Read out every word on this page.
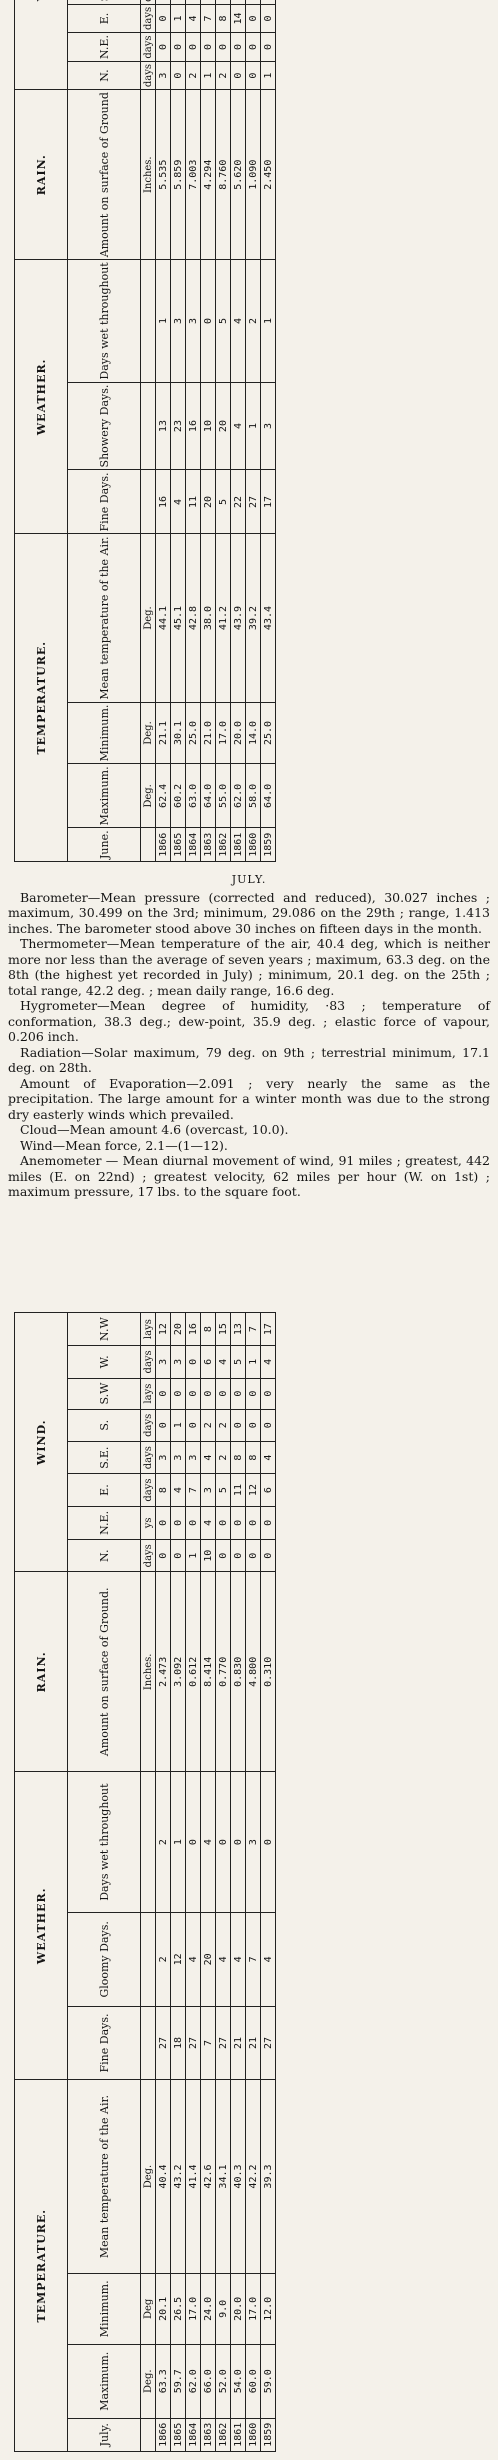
TEMPERATURE.				WEATHER.			RAIN.	
June.	Maximum.	Minimum.	Mean temperature of the Air.	Fine Days.	Showery Days.	Days wet throughout	Amount on surface of Ground	N.	N.E.	E.					
	Deg.	Deg.	Deg.				Inches.	days	days	days					
1866	62.4	21.1	44.1	16	13	1	5.535	3	0	0					
1865	60.2	30.1	45.1	4	23	3	5.859	0	0	1					
1864	63.0	25.0	42.8	11	16	3	7.003	2	0	4					
1863	64.0	21.0	38.0	20	10	0	4.294	1	0	7					
1862	55.0	17.0	41.2	5	20	5	8.760	2	0	8					
1861	62.0	20.0	43.9	22	4	4	5.620	0	0	14					
1860	58.0	14.0	39.2	27	1	2	1.090	0	0	0					
1859	64.0	25.0	43.4	17	3	1	2.450	1	0	0					

JULY.

Barometer—Mean pressure (corrected and reduced), 30.027 inches ; maximum, 30.499 on the 3rd; minimum, 29.086 on the 29th ; range, 1.413 inches. The barometer stood above 30 inches on fifteen days in the month.

Thermometer—Mean temperature of the air, 40.4 deg, which is neither more nor less than the average of seven years ; maximum, 63.3 deg. on the 8th (the highest yet recorded in July) ; minimum, 20.1 deg. on the 25th ; total range, 42.2 deg. ; mean daily range, 16.6 deg.

Hygrometer—Mean degree of humidity, ·83 ; temperature of conformation, 38.3 deg.; dew-point, 35.9 deg. ; elastic force of vapour, 0.206 inch.

Radiation—Solar maximum, 79 deg. on 9th ; terrestrial minimum, 17.1 deg. on 28th.

Amount of Evaporation—2.091 ; very nearly the same as the precipitation. The large amount for a winter month was due to the strong dry easterly winds which prevailed.

Cloud—Mean amount 4.6 (overcast, 10.0).

Wind—Mean force, 2.1—(1—12).

Anemometer — Mean diurnal movement of wind, 91 miles ; greatest, 442 miles (E. on 22nd) ; greatest velocity, 62 miles per hour (W. on 1st) ; maximum pressure, 17 lbs. to the square foot.

TEMPERATURE.				WEATHER.			RAIN.	WIND.							
July.	Maximum.	Minimum.	Mean temperature of the Air.	Fine Days.	Gloomy Days.	Days wet throughout	Amount on surface of Ground.	N.	N.E.	E.	S.E.	S.	S.W	W.	N.W
	Deg.	Deg	Deg.				Inches.	days	ys	days	days	days	lays	days	lays
1866	63.3	20.1	40.4	27	2	2	2.473	0	0	8	3	0	0	3	12
1865	59.7	26.5	43.2	18	12	1	3.092	0	0	4	3	1	0	3	20
1864	62.0	17.0	41.4	27	4	0	0.612	1	0	7	3	0	0	0	16
1863	66.0	24.0	42.6	7	20	4	8.414	10	4	3	4	2	0	6	8
1862	52.0	9.0	34.1	27	4	0	0.770	0	0	5	2	2	0	4	15
1861	54.0	20.0	40.3	21	4	0	0.830	0	0	11	8	0	0	5	13
1860	60.0	17.0	42.2	21	7	3	4.800	0	0	12	8	0	0	1	7
1859	59.0	12.0	39.3	27	4	0	0.310	0	0	6	4	0	0	4	17
